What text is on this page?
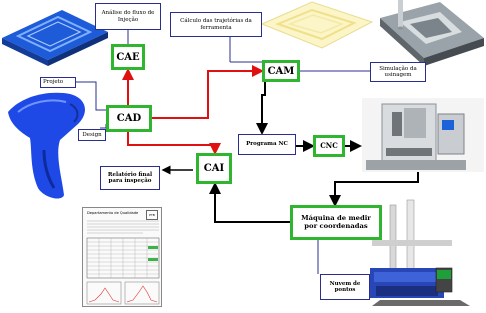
Departamento de Qualidade	PTB
CAE
CAD
CAM
CAI
CNC
Máquina de medir por coordenadas
Análise do fluxo de Injeção	Cálculo das trajetórias da ferramenta
Simulação da usinagem
Projeto
Design
Programa NC
Relatório final para inspeção
Nuvem de pontos
